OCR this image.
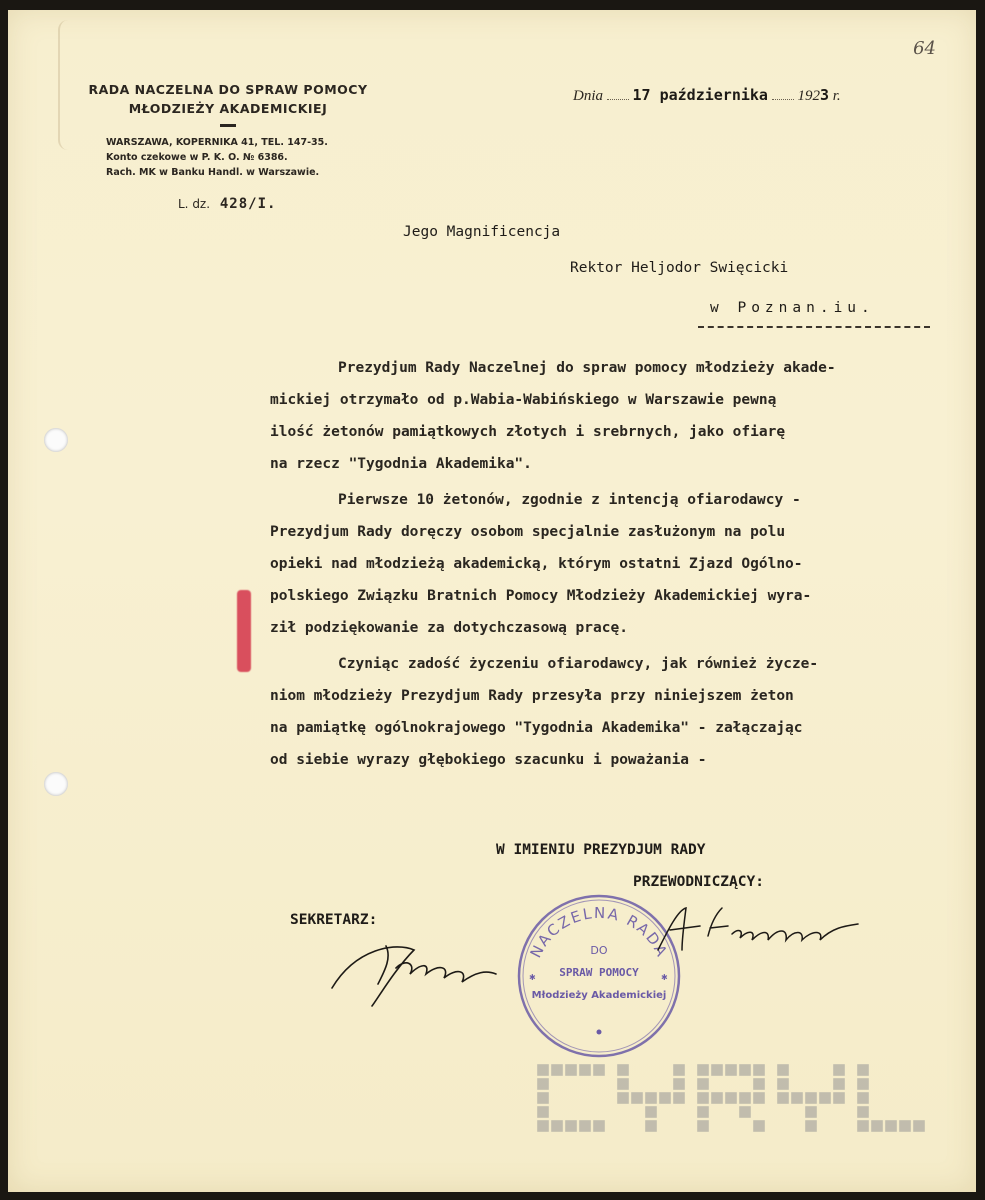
64

RADA NACZELNA DO SPRAW POMOCY

MŁODZIEŻY AKADEMICKIEJ

WARSZAWA, KOPERNIKA 41, TEL. 147-35.

Konto czekowe w P. K. O. № 6386.

Rach. MK w Banku Handl. w Warszawie.

L. dz. 428/I.
Dnia 17 października 1923 r.
Jego Magnificencja
Rektor Heljodor Swięcicki
w Poznan.iu.

Prezydjum Rady Naczelnej do spraw pomocy młodzieży akade-

mickiej otrzymało od p.Wabia-Wabińskiego w Warszawie pewną

ilość żetonów pamiątkowych złotych i srebrnych, jako ofiarę

na rzecz "Tygodnia Akademika".

Pierwsze 10 żetonów, zgodnie z intencją ofiarodawcy -

Prezydjum Rady doręczy osobom specjalnie zasłużonym na polu

opieki nad młodzieżą akademicką, którym ostatni Zjazd Ogólno-

polskiego Związku Bratnich Pomocy Młodzieży Akademickiej wyra-

ził podziękowanie za dotychczasową pracę.

Czyniąc zadość życzeniu ofiarodawcy, jak również życze-

niom młodzieży Prezydjum Rady przesyła przy niniejszem żeton

na pamiątkę ogólnokrajowego "Tygodnia Akademika" - załączając

od siebie wyrazy głębokiego szacunku i poważania -

W IMIENIU PREZYDJUM RADY
PRZEWODNICZĄCY:
SEKRETARZ:
NACZELNA RADA
DO
SPRAW POMOCY
Młodzieży Akademickiej
✱	✱
